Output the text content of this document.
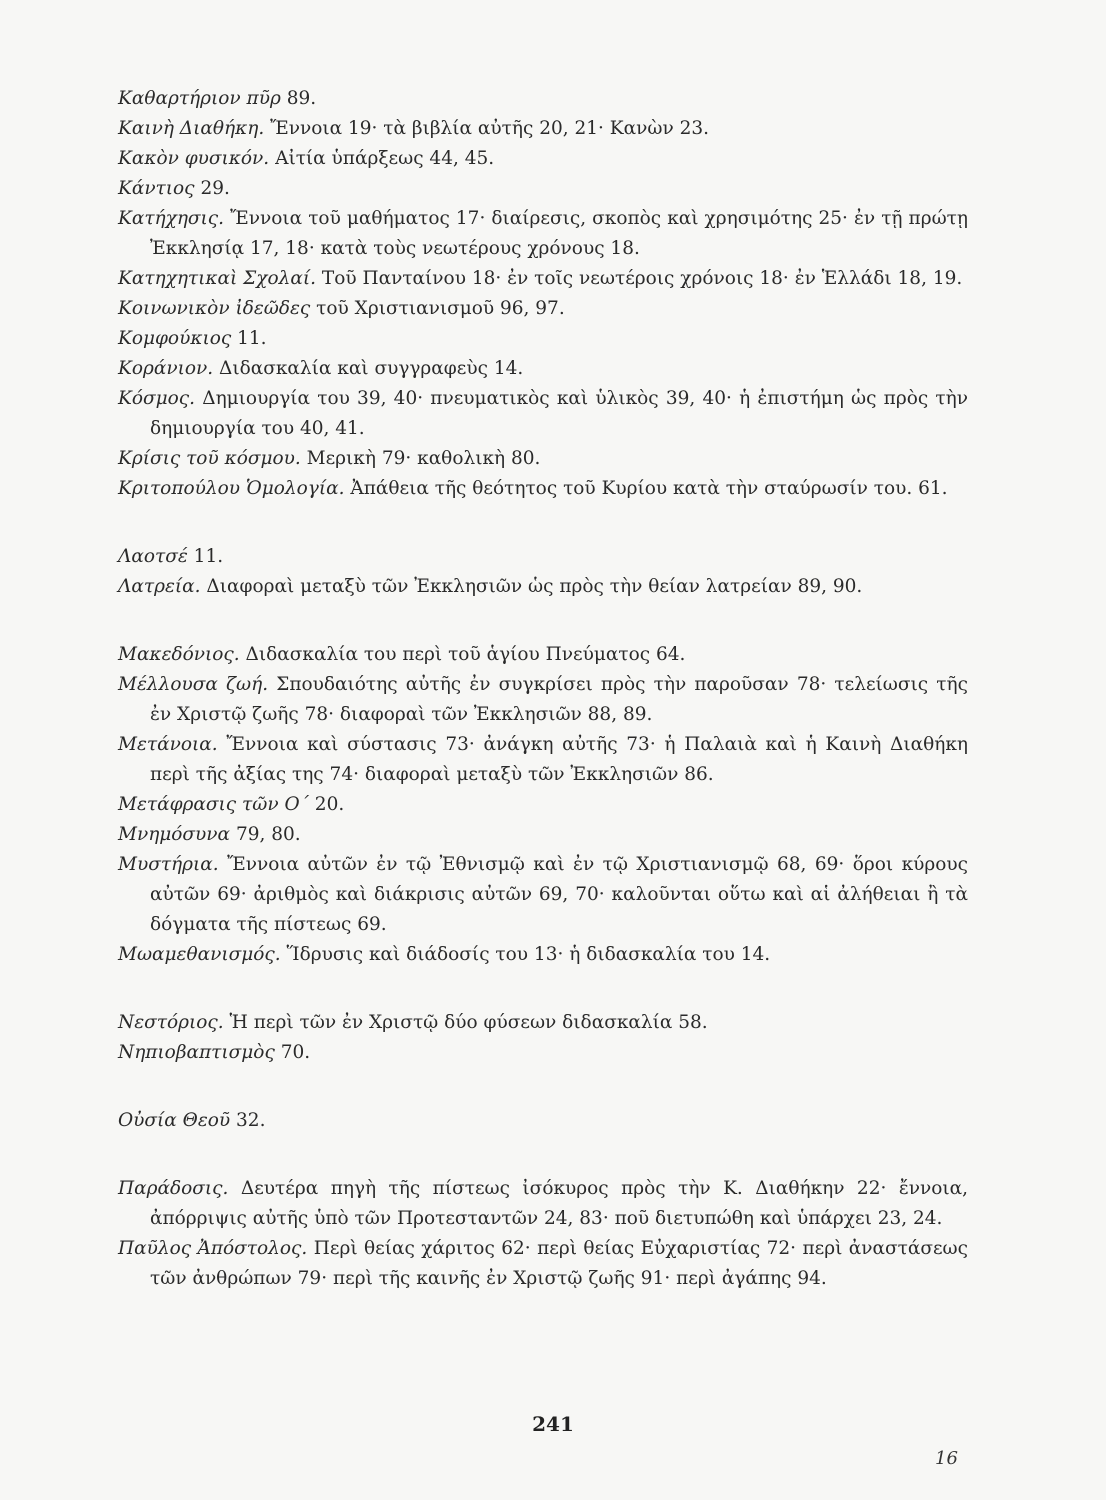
Καθαρτήριον πῦρ 89.

Καινὴ Διαθήκη. Ἔννοια 19· τὰ βιβλία αὐτῆς 20, 21· Κανὼν 23.

Κακὸν φυσικόν. Αἰτία ὑπάρξεως 44, 45.

Κάντιος 29.

Κατήχησις. Ἔννοια τοῦ μαθήματος 17· διαίρεσις, σκοπὸς καὶ χρησιμότης 25· ἐν τῇ πρώτῃ Ἐκκλησίᾳ 17, 18· κατὰ τοὺς νεωτέρους χρόνους 18.

Κατηχητικαὶ Σχολαί. Τοῦ Πανταίνου 18· ἐν τοῖς νεωτέροις χρόνοις 18· ἐν Ἑλλάδι 18, 19.

Κοινωνικὸν ἰδεῶδες τοῦ Χριστιανισμοῦ 96, 97.

Κομφούκιος 11.

Κοράνιον. Διδασκαλία καὶ συγγραφεὺς 14.

Κόσμος. Δημιουργία του 39, 40· πνευματικὸς καὶ ὑλικὸς 39, 40· ἡ ἐπιστήμη ὡς πρὸς τὴν δημιουργία του 40, 41.

Κρίσις τοῦ κόσμου. Μερικὴ 79· καθολικὴ 80.

Κριτοπούλου Ὁμολογία. Ἀπάθεια τῆς θεότητος τοῦ Κυρίου κατὰ τὴν σταύρωσίν του. 61.

Λαοτσέ 11.

Λατρεία. Διαφοραὶ μεταξὺ τῶν Ἐκκλησιῶν ὡς πρὸς τὴν θείαν λατρείαν 89, 90.

Μακεδόνιος. Διδασκαλία του περὶ τοῦ ἁγίου Πνεύματος 64.

Μέλλουσα ζωή. Σπουδαιότης αὐτῆς ἐν συγκρίσει πρὸς τὴν παροῦσαν 78· τελείωσις τῆς ἐν Χριστῷ ζωῆς 78· διαφοραὶ τῶν Ἐκκλησιῶν 88, 89.

Μετάνοια. Ἔννοια καὶ σύστασις 73· ἀνάγκη αὐτῆς 73· ἡ Παλαιὰ καὶ ἡ Καινὴ Διαθήκη περὶ τῆς ἀξίας της 74· διαφοραὶ μεταξὺ τῶν Ἐκκλησιῶν 86.

Μετάφρασις τῶν Ο΄ 20.

Μνημόσυνα 79, 80.

Μυστήρια. Ἔννοια αὐτῶν ἐν τῷ Ἐθνισμῷ καὶ ἐν τῷ Χριστιανισμῷ 68, 69· ὅροι κύρους αὐτῶν 69· ἀριθμὸς καὶ διάκρισις αὐτῶν 69, 70· καλοῦνται οὕτω καὶ αἱ ἀλήθειαι ἢ τὰ δόγματα τῆς πίστεως 69.

Μωαμεθανισμός. Ἵδρυσις καὶ διάδοσίς του 13· ἡ διδασκαλία του 14.

Νεστόριος. Ἡ περὶ τῶν ἐν Χριστῷ δύο φύσεων διδασκαλία 58.

Νηπιοβαπτισμὸς 70.

Οὐσία Θεοῦ 32.

Παράδοσις. Δευτέρα πηγὴ τῆς πίστεως ἰσόκυρος πρὸς τὴν Κ. Διαθήκην 22· ἔννοια, ἀπόρριψις αὐτῆς ὑπὸ τῶν Προτεσταντῶν 24, 83· ποῦ διετυπώθη καὶ ὑπάρχει 23, 24.

Παῦλος Ἀπόστολος. Περὶ θείας χάριτος 62· περὶ θείας Εὐχαριστίας 72· περὶ ἀναστάσεως τῶν ἀνθρώπων 79· περὶ τῆς καινῆς ἐν Χριστῷ ζωῆς 91· περὶ ἀγάπης 94.

241
16
